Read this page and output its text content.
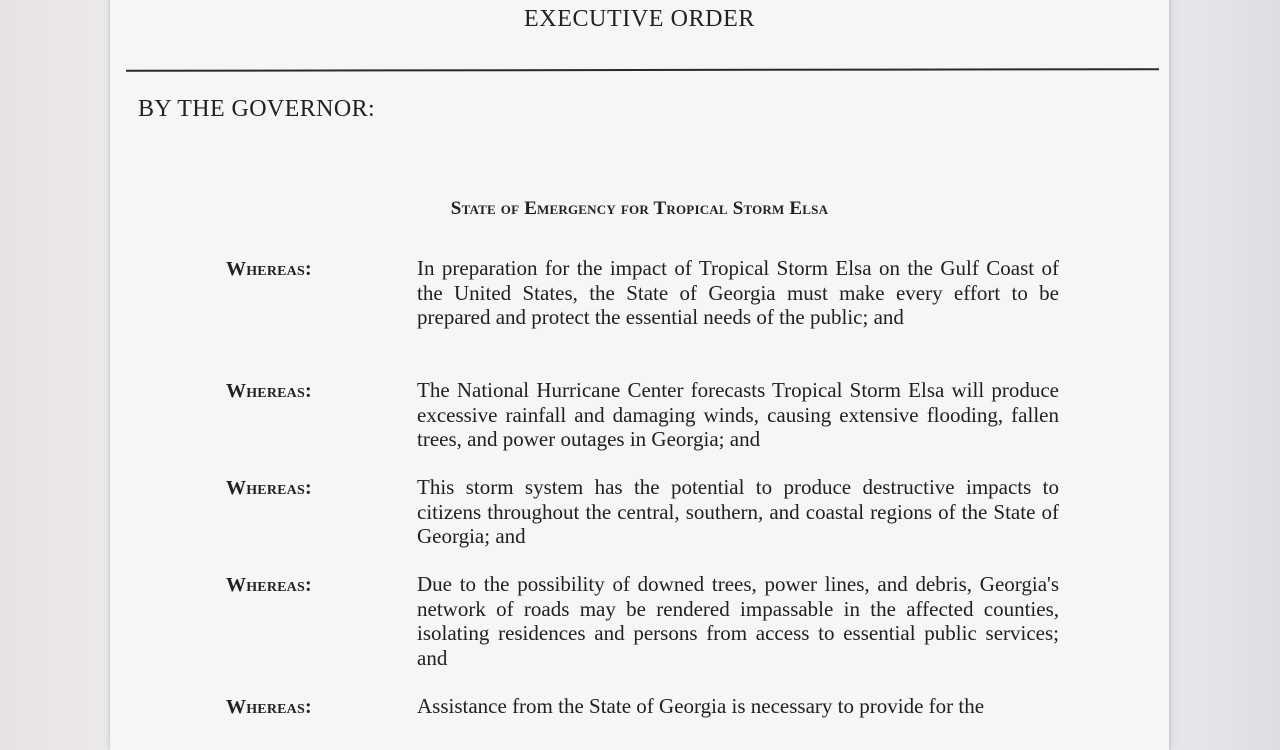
EXECUTIVE ORDER
BY THE GOVERNOR:
State of Emergency for Tropical Storm Elsa
Whereas:	In preparation for the impact of Tropical Storm Elsa on the Gulf Coast of the United States, the State of Georgia must make every effort to be prepared and protect the essential needs of the public; and
Whereas:	The National Hurricane Center forecasts Tropical Storm Elsa will produce excessive rainfall and damaging winds, causing extensive flooding, fallen trees, and power outages in Georgia; and
Whereas:	This storm system has the potential to produce destructive impacts to citizens throughout the central, southern, and coastal regions of the State of Georgia; and
Whereas:	Due to the possibility of downed trees, power lines, and debris, Georgia's network of roads may be rendered impassable in the affected counties, isolating residences and persons from access to essential public services; and
Whereas:	Assistance from the State of Georgia is necessary to provide for the
